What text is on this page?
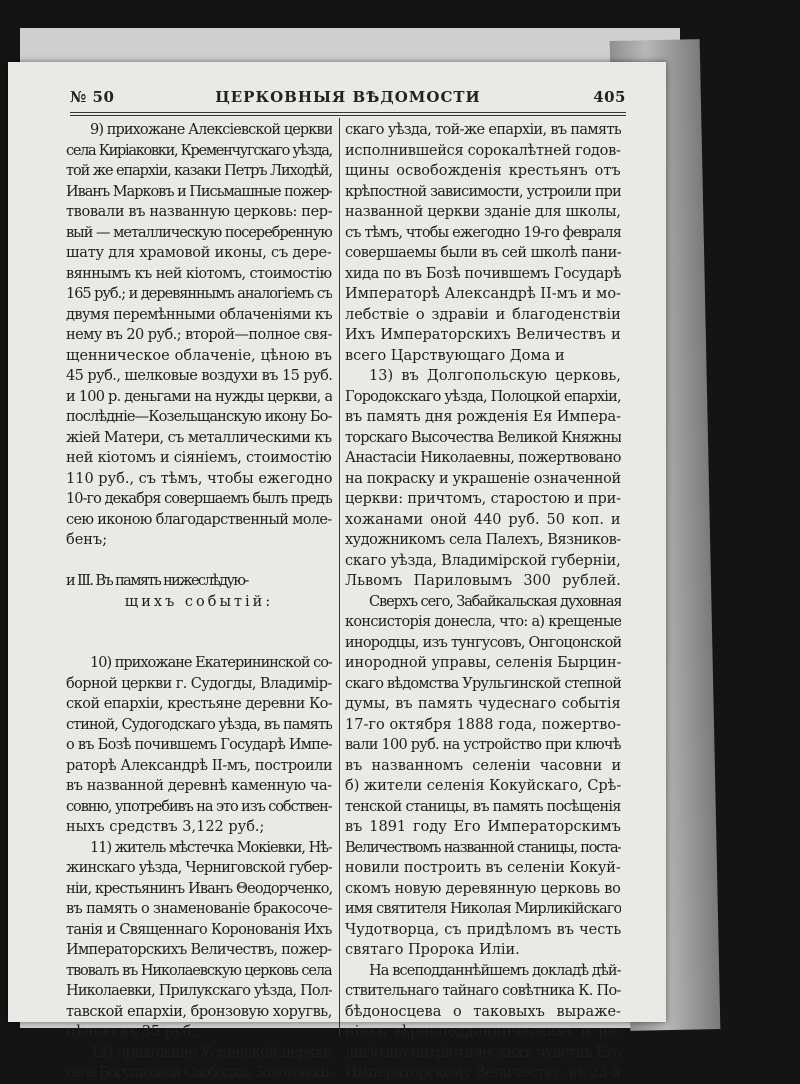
№ 50	ЦЕРКОВНЫЯ ВѢДОМОСТИ	405
9) прихожане Алексіевской церкви
села Киріаковки, Кременчугскаго уѣзда,
той же епархіи, казаки Петръ Лиходѣй,
Иванъ Марковъ и Письмашные пожер-
твовали въ названную церковь: пер-
вый — металлическую посеребренную
шату для храмовой иконы, съ дере-
вяннымъ къ ней кіотомъ, стоимостію
165 руб.; и деревяннымъ аналогіемъ съ
двумя перемѣнными облаченіями къ
нему въ 20 руб.; второй—полное свя-
щенническое облаченіе, цѣною въ
45 руб., шелковые воздухи въ 15 руб.
и 100 р. деньгами на нужды церкви, а
послѣдніе—Козельщанскую икону Бо-
жіей Матери, съ металлическими къ
ней кіотомъ и сіяніемъ, стоимостію
110 руб., съ тѣмъ, чтобы ежегодно
10-го декабря совершаемъ былъ предъ
сею иконою благодарственный моле-
бенъ;
и III. Въ память нижеслѣдую-
щихъ событій:
10) прихожане Екатерининской со-
борной церкви г. Судогды, Владимір-
ской епархіи, крестьяне деревни Ко-
стиной, Судогодскаго уѣзда, въ память
о въ Бозѣ почившемъ Государѣ Импе-
раторѣ Александрѣ II-мъ, построили
въ названной деревнѣ каменную ча-
совню, употребивъ на это изъ собствен-
ныхъ средствъ 3,122 руб.;
11) житель мѣстечка Мокіевки, Нѣ-
жинскаго уѣзда, Черниговской губер-
ніи, крестьянинъ Иванъ Θеодорченко,
въ память о знаменованіе бракосоче-
танія и Священнаго Коронованія Ихъ
Императорскихъ Величествъ, пожер-
твовалъ въ Николаевскую церковь села
Николаевки, Прилукскаго уѣзда, Пол-
тавской епархіи, бронзовую хоругвь,
цѣною въ 35 руб.;
12) прихожане Успенской церкви
села Богушковой Слободки, Золотонош-
скаго уѣзда, той-же епархіи, въ память
исполнившейся сорокалѣтней годов-
щины освобожденія крестьянъ отъ
крѣпостной зависимости, устроили при
названной церкви зданіе для школы,
съ тѣмъ, чтобы ежегодно 19-го февраля
совершаемы были въ сей школѣ пани-
хида по въ Бозѣ почившемъ Государѣ
Императорѣ Александрѣ II-мъ и мо-
лебствіе о здравіи и благоденствіи
Ихъ Императорскихъ Величествъ и
всего Царствующаго Дома и
13) въ Долгопольскую церковь,
Городокскаго уѣзда, Полоцкой епархіи,
въ память дня рожденія Ея Импера-
торскаго Высочества Великой Княжны
Анастасіи Николаевны, пожертвовано
на покраску и украшеніе означенной
церкви: причтомъ, старостою и при-
хожанами оной 440 руб. 50 коп. и
художникомъ села Палехъ, Вязников-
скаго уѣзда, Владимірской губерніи,
Львомъ Париловымъ 300 рублей.
Сверхъ сего, Забайкальская духовная
консисторія донесла, что: а) крещеные
инородцы, изъ тунгусовъ, Онгоцонской
инородной управы, селенія Бырцин-
скаго вѣдомства Урульгинской степной
думы, въ память чудеснаго событія
17-го октября 1888 года, пожертво-
вали 100 руб. на устройство при ключѣ
въ названномъ селеніи часовни и
б) жители селенія Кокуйскаго, Срѣ-
тенской станицы, въ память посѣщенія
въ 1891 году Его Императорскимъ
Величествомъ названной станицы, поста-
новили построить въ селеніи Кокуй-
скомъ новую деревянную церковь во
имя святителя Николая Мирликійскаго
Чудотворца, съ придѣломъ въ честь
святаго Пророка Иліи.
На всеподданнѣйшемъ докладѣ дѣй-
ствительнаго тайнаго совѣтника К. По-
бѣдоносцева о таковыхъ выраже-
ніяхъ вѣрноподданническихъ и ре-
лигіозно-патріотическихъ чувствъ Его
Императорскому Величеству, въ 23-й
